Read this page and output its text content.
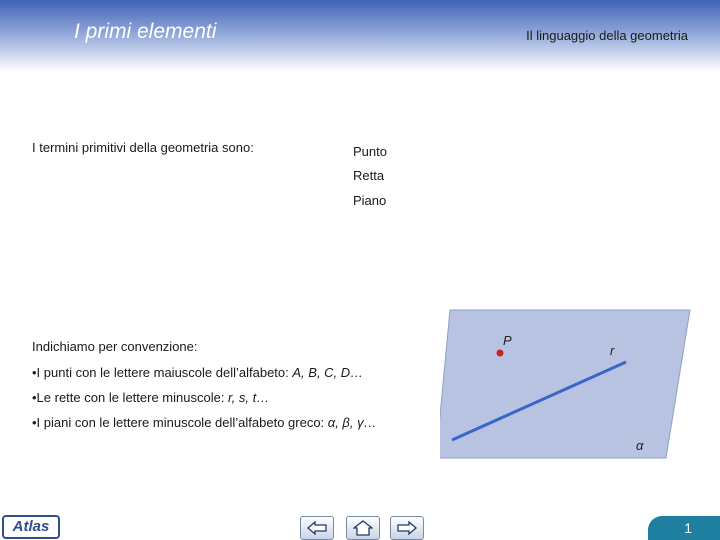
I primi elementi	Il linguaggio della geometria
I termini primitivi della geometria sono:	Punto
Retta
Piano
Indichiamo per convenzione:
•I punti con le lettere maiuscole dell’alfabeto: A, B, C, D…
•Le rette con le lettere minuscole: r, s, t…
•I piani con le lettere minuscole dell’alfabeto greco: α, β, γ…
P
r
α
Atlas	1
